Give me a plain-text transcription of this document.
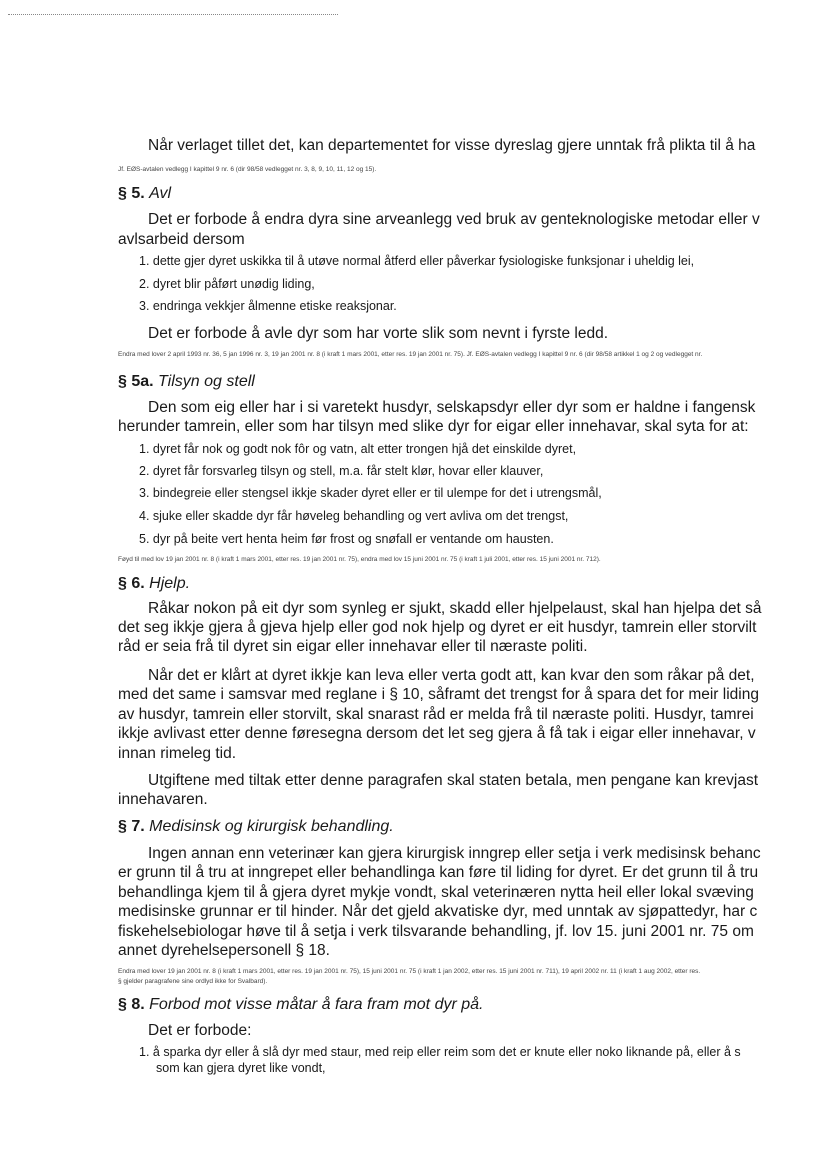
Når verlaget tillet det, kan departementet for visse dyreslag gjere unntak frå plikta til å ha
Jf. EØS-avtalen vedlegg I kapittel 9 nr. 6 (dir 98/58 vedlegget nr. 3, 8, 9, 10, 11, 12 og 15).
§ 5. Avl
Det er forbode å endra dyra sine arveanlegg ved bruk av genteknologiske metodar eller v
avlsarbeid dersom
1. dette gjer dyret uskikka til å utøve normal åtferd eller påverkar fysiologiske funksjonar i uheldig lei,
2. dyret blir påført unødig liding,
3. endringa vekkjer ålmenne etiske reaksjonar.
Det er forbode å avle dyr som har vorte slik som nevnt i fyrste ledd.
Endra med lover 2 april 1993 nr. 36, 5 jan 1996 nr. 3, 19 jan 2001 nr. 8 (i kraft 1 mars 2001, etter res. 19 jan 2001 nr. 75). Jf. EØS-avtalen vedlegg I kapittel 9 nr. 6 (dir 98/58 artikkel 1 og 2 og vedlegget nr.
§ 5a. Tilsyn og stell
Den som eig eller har i si varetekt husdyr, selskapsdyr eller dyr som er haldne i fangensk
herunder tamrein, eller som har tilsyn med slike dyr for eigar eller innehavar, skal syta for at:
1. dyret får nok og godt nok fôr og vatn, alt etter trongen hjå det einskilde dyret,
2. dyret får forsvarleg tilsyn og stell, m.a. får stelt klør, hovar eller klauver,
3. bindegreie eller stengsel ikkje skader dyret eller er til ulempe for det i utrengsmål,
4. sjuke eller skadde dyr får høveleg behandling og vert avliva om det trengst,
5. dyr på beite vert henta heim før frost og snøfall er ventande om hausten.
Føyd til med lov 19 jan 2001 nr. 8 (i kraft 1 mars 2001, etter res. 19 jan 2001 nr. 75), endra med lov 15 juni 2001 nr. 75 (i kraft 1 juli 2001, etter res. 15 juni 2001 nr. 712).
§ 6. Hjelp.
Råkar nokon på eit dyr som synleg er sjukt, skadd eller hjelpelaust, skal han hjelpa det så
det seg ikkje gjera å gjeva hjelp eller god nok hjelp og dyret er eit husdyr, tamrein eller storvilt
råd er seia frå til dyret sin eigar eller innehavar eller til næraste politi.
Når det er klårt at dyret ikkje kan leva eller verta godt att, kan kvar den som råkar på det,
med det same i samsvar med reglane i § 10, såframt det trengst for å spara det for meir liding
av husdyr, tamrein eller storvilt, skal snarast råd er melda frå til næraste politi. Husdyr, tamrei
ikkje avlivast etter denne føresegna dersom det let seg gjera å få tak i eigar eller innehavar, v
innan rimeleg tid.
Utgiftene med tiltak etter denne paragrafen skal staten betala, men pengane kan krevjast
innehavaren.
§ 7. Medisinsk og kirurgisk behandling.
Ingen annan enn veterinær kan gjera kirurgisk inngrep eller setja i verk medisinsk behanc
er grunn til å tru at inngrepet eller behandlinga kan føre til liding for dyret. Er det grunn til å tru
behandlinga kjem til å gjera dyret mykje vondt, skal veterinæren nytta heil eller lokal svæving
medisinske grunnar er til hinder. Når det gjeld akvatiske dyr, med unntak av sjøpattedyr, har c
fiskehelsebiologar høve til å setja i verk tilsvarande behandling, jf. lov 15. juni 2001 nr. 75 om
annet dyrehelsepersonell § 18.
Endra med lover 19 jan 2001 nr. 8 (i kraft 1 mars 2001, etter res. 19 jan 2001 nr. 75), 15 juni 2001 nr. 75 (i kraft 1 jan 2002, etter res. 15 juni 2001 nr. 711), 19 april 2002 nr. 11 (i kraft 1 aug 2002, etter res.
§ gjelder paragrafene sine ordlyd ikke for Svalbard).
§ 8. Forbod mot visse måtar å fara fram mot dyr på.
Det er forbode:
1. å sparka dyr eller å slå dyr med staur, med reip eller reim som det er knute eller noko liknande på, eller å s
som kan gjera dyret like vondt,
